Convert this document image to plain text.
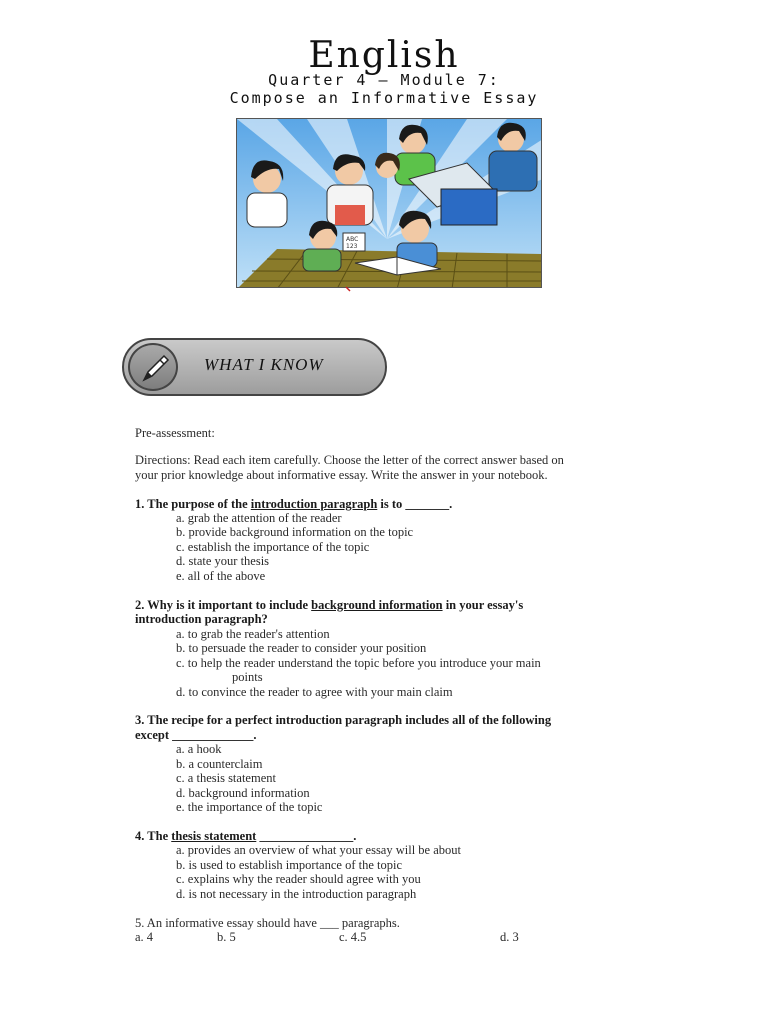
English
Quarter 4 – Module 7:
Compose an Informative Essay
ABC
123
WHAT I KNOW
Pre-assessment:
Directions: Read each item carefully. Choose the letter of the correct answer based on
your prior knowledge about informative essay. Write the answer in your notebook.
1. The purpose of the introduction paragraph is to _______.
a. grab the attention of the reader
b. provide background information on the topic
c. establish the importance of the topic
d. state your thesis
e. all of the above
2. Why is it important to include background information in your essay's
introduction paragraph?
a. to grab the reader's attention
b. to persuade the reader to consider your position
c. to help the reader understand the topic before you introduce your main
points
d. to convince the reader to agree with your main claim
3. The recipe for a perfect introduction paragraph includes all of the following
except _____________.
a. a hook
b. a counterclaim
c. a thesis statement
d. background information
e. the importance of the topic
4. The thesis statement _______________.
a. provides an overview of what your essay will be about
b. is used to establish importance of the topic
c. explains why the reader should agree with you
d. is not necessary in the introduction paragraph
5. An informative essay should have ___ paragraphs.
a. 4	b. 5	c. 4.5	d. 3
